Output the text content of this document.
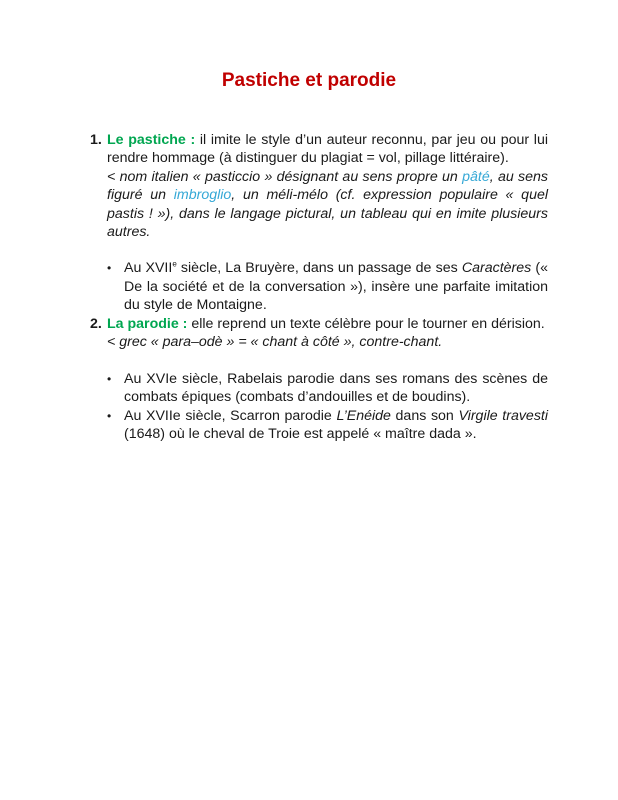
Pastiche et parodie
1. Le pastiche : il imite le style d’un auteur reconnu, par jeu ou pour lui rendre hommage (à distinguer du plagiat = vol, pillage littéraire).
< nom italien « pasticcio » désignant au sens propre un pâté, au sens figuré un imbroglio, un méli-mélo (cf. expression populaire « quel pastis ! »), dans le langage pictural, un tableau qui en imite plusieurs autres.
• Au XVIIe siècle, La Bruyère, dans un passage de ses Caractères (« De la société et de la conversation »), insère une parfaite imitation du style de Montaigne.
2. La parodie : elle reprend un texte célèbre pour le tourner en dérision.
< grec « para–odè » = « chant à côté », contre-chant.
• Au XVIe siècle, Rabelais parodie dans ses romans des scènes de combats épiques (combats d’andouilles et de boudins).
• Au XVIIe siècle, Scarron parodie L’Enéide dans son Virgile travesti (1648) où le cheval de Troie est appelé « maître dada ».
